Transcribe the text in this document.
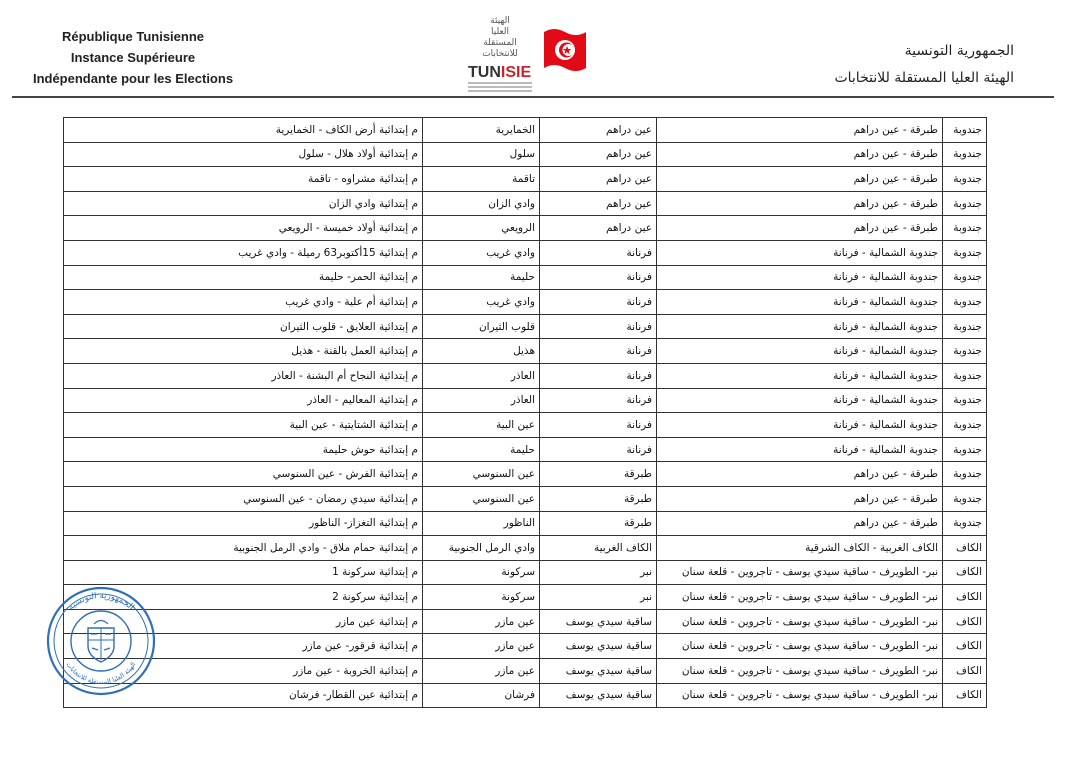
République Tunisienne
Instance Supérieure
Indépendante pour les Elections
الهيئة
العليا
المستقلة
للانتخابات
TUNISIE
الجمهورية التونسية
الهيئة العليا المستقلة للانتخابات
جندوبة	طبرقة - عين دراهم	عين دراهم	الخمايرية	م إبتدائية أرض الكاف - الخمايرية
جندوبة	طبرقة - عين دراهم	عين دراهم	سلول	م إبتدائية أولاد هلال - سلول
جندوبة	طبرقة - عين دراهم	عين دراهم	تاقمة	م إبتدائية مشراوه - تاقمة
جندوبة	طبرقة - عين دراهم	عين دراهم	وادي الزان	م إبتدائية وادي الزان
جندوبة	طبرقة - عين دراهم	عين دراهم	الرويعي	م إبتدائية أولاد خميسة - الرويعي
جندوبة	جندوبة الشمالية - فرنانة	فرنانة	وادي غريب	م إبتدائية 15أكتوبر63 رميلة - وادي غريب
جندوبة	جندوبة الشمالية - فرنانة	فرنانة	حليمة	م إبتدائية الحمر- حليمة
جندوبة	جندوبة الشمالية - فرنانة	فرنانة	وادي غريب	م إبتدائية أم علية - وادي غريب
جندوبة	جندوبة الشمالية - فرنانة	فرنانة	قلوب الثيران	م إبتدائية العلايق - قلوب الثيران
جندوبة	جندوبة الشمالية - فرنانة	فرنانة	هذيل	م إبتدائية العمل بالقنة - هذيل
جندوبة	جندوبة الشمالية - فرنانة	فرنانة	العاذر	م إبتدائية النجاح أم البشنة - العاذر
جندوبة	جندوبة الشمالية - فرنانة	فرنانة	العاذر	م إبتدائية المعاليم - العاذر
جندوبة	جندوبة الشمالية - فرنانة	فرنانة	عين البية	م إبتدائية الشتايتية - عين البية
جندوبة	جندوبة الشمالية - فرنانة	فرنانة	حليمة	م إبتدائية حوش حليمة
جندوبة	طبرقة - عين دراهم	طبرقة	عين السنوسي	م إبتدائية الفرش - عين السنوسي
جندوبة	طبرقة - عين دراهم	طبرقة	عين السنوسي	م إبتدائية سيدي رمضان - عين السنوسي
جندوبة	طبرقة - عين دراهم	طبرقة	الناظور	م إبتدائية التغزاز- الناظور
الكاف	الكاف الغربية - الكاف الشرقية	الكاف الغربية	وادي الرمل الجنوبية	م إبتدائية حمام ملاق - وادي الرمل الجنوبية
الكاف	نبر- الطويرف - ساقية سيدي يوسف - تاجروين - قلعة سنان	نبر	سركونة	م إبتدائية سركونة 1
الكاف	نبر- الطويرف - ساقية سيدي يوسف - تاجروين - قلعة سنان	نبر	سركونة	م إبتدائية سركونة 2
الكاف	نبر- الطويرف - ساقية سيدي يوسف - تاجروين - قلعة سنان	ساقية سيدي يوسف	عين مازر	م إبتدائية عين مازر
الكاف	نبر- الطويرف - ساقية سيدي يوسف - تاجروين - قلعة سنان	ساقية سيدي يوسف	عين مازر	م إبتدائية قرقور- عين مازر
الكاف	نبر- الطويرف - ساقية سيدي يوسف - تاجروين - قلعة سنان	ساقية سيدي يوسف	عين مازر	م إبتدائية الخروبة - عين مازر
الكاف	نبر- الطويرف - ساقية سيدي يوسف - تاجروين - قلعة سنان	ساقية سيدي يوسف	فرشان	م إبتدائية عين القطار- فرشان
الجمهورية التونسية
الهيئة العليا المستقلة للانتخابات
